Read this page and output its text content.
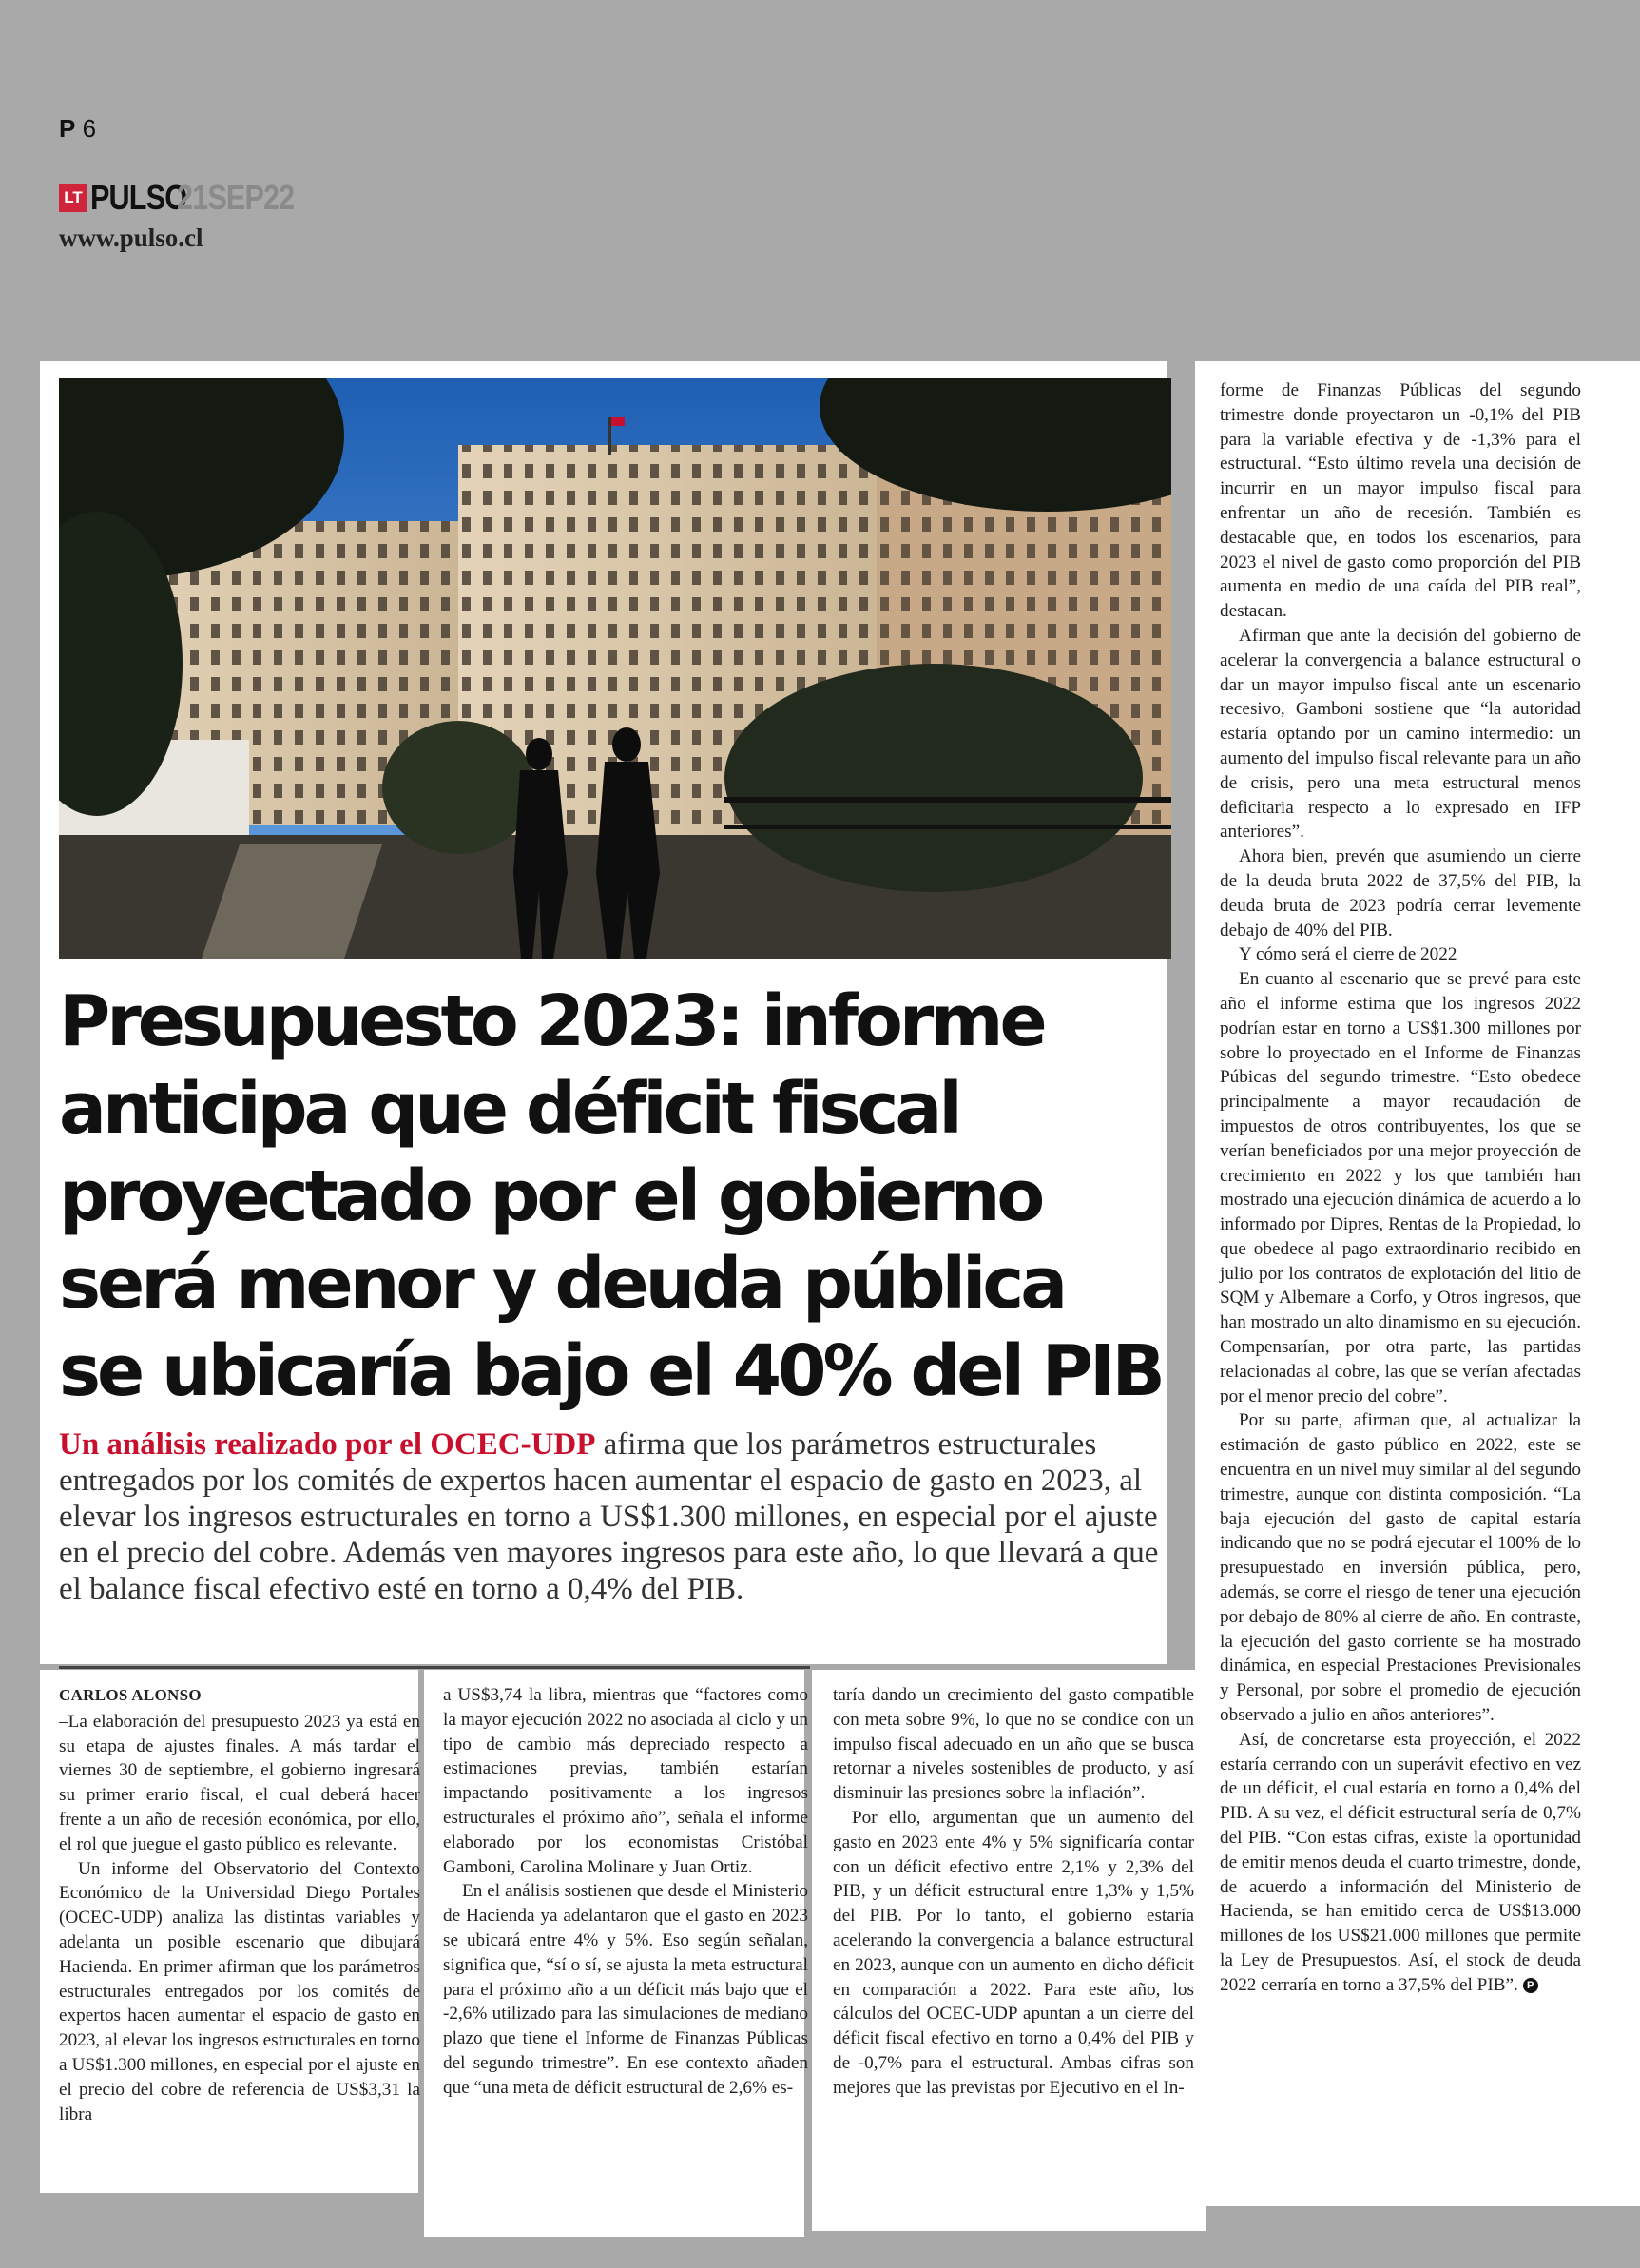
P 6
LT PULSO
21SEP22
www.pulso.cl
Presupuesto 2023: informe anticipa que déficit fiscal proyectado por el gobierno será menor y deuda pública se ubicaría bajo el 40% del PIB
Un análisis realizado por el OCEC-UDP afirma que los parámetros estructurales entregados por los comités de expertos hacen aumentar el espacio de gasto en 2023, al elevar los ingresos estructurales en torno a US$1.300 millones, en especial por el ajuste en el precio del cobre. Además ven mayores ingresos para este año, lo que llevará a que el balance fiscal efectivo esté en torno a 0,4% del PIB.

CARLOS ALONSO

–La elaboración del presupuesto 2023 ya está en su etapa de ajustes finales. A más tardar el viernes 30 de septiembre, el gobierno ingresará su primer erario fiscal, el cual deberá hacer frente a un año de recesión económica, por ello, el rol que juegue el gasto público es relevante.

Un informe del Observatorio del Contexto Económico de la Universidad Diego Portales (OCEC-UDP) analiza las distintas variables y adelanta un posible escenario que dibujará Hacienda. En primer afirman que los parámetros estructurales entregados por los comités de expertos hacen aumentar el espacio de gasto en 2023, al elevar los ingresos estructurales en torno a US$1.300 millones, en especial por el ajuste en el precio del cobre de referencia de US$3,31 la libra

a US$3,74 la libra, mientras que “factores como la mayor ejecución 2022 no asociada al ciclo y un tipo de cambio más depreciado respecto a estimaciones previas, también estarían impactando positivamente a los ingresos estructurales el próximo año”, señala el informe elaborado por los economistas Cristóbal Gamboni, Carolina Molinare y Juan Ortiz.

En el análisis sostienen que desde el Ministerio de Hacienda ya adelantaron que el gasto en 2023 se ubicará entre 4% y 5%. Eso según señalan, significa que, “sí o sí, se ajusta la meta estructural para el próximo año a un déficit más bajo que el -2,6% utilizado para las simulaciones de mediano plazo que tiene el Informe de Finanzas Públicas del segundo trimestre”. En ese contexto añaden que “una meta de déficit estructural de 2,6% es-

taría dando un crecimiento del gasto compatible con meta sobre 9%, lo que no se condice con un impulso fiscal adecuado en un año que se busca retornar a niveles sostenibles de producto, y así disminuir las presiones sobre la inflación”.

Por ello, argumentan que un aumento del gasto en 2023 ente 4% y 5% significaría contar con un déficit efectivo entre 2,1% y 2,3% del PIB, y un déficit estructural entre 1,3% y 1,5% del PIB. Por lo tanto, el gobierno estaría acelerando la convergencia a balance estructural en 2023, aunque con un aumento en dicho déficit en comparación a 2022. Para este año, los cálculos del OCEC-UDP apuntan a un cierre del déficit fiscal efectivo en torno a 0,4% del PIB y de -0,7% para el estructural. Ambas cifras son mejores que las previstas por Ejecutivo en el In-

forme de Finanzas Públicas del segundo trimestre donde proyectaron un -0,1% del PIB para la variable efectiva y de -1,3% para el estructural. “Esto último revela una decisión de incurrir en un mayor impulso fiscal para enfrentar un año de recesión. También es destacable que, en todos los escenarios, para 2023 el nivel de gasto como proporción del PIB aumenta en medio de una caída del PIB real”, destacan.

Afirman que ante la decisión del gobierno de acelerar la convergencia a balance estructural o dar un mayor impulso fiscal ante un escenario recesivo, Gamboni sostiene que “la autoridad estaría optando por un camino intermedio: un aumento del impulso fiscal relevante para un año de crisis, pero una meta estructural menos deficitaria respecto a lo expresado en IFP anteriores”.

Ahora bien, prevén que asumiendo un cierre de la deuda bruta 2022 de 37,5% del PIB, la deuda bruta de 2023 podría cerrar levemente debajo de 40% del PIB.

Y cómo será el cierre de 2022

En cuanto al escenario que se prevé para este año el informe estima que los ingresos 2022 podrían estar en torno a US$1.300 millones por sobre lo proyectado en el Informe de Finanzas Púbicas del segundo trimestre. “Esto obedece principalmente a mayor recaudación de impuestos de otros contribuyentes, los que se verían beneficiados por una mejor proyección de crecimiento en 2022 y los que también han mostrado una ejecución dinámica de acuerdo a lo informado por Dipres, Rentas de la Propiedad, lo que obedece al pago extraordinario recibido en julio por los contratos de explotación del litio de SQM y Albemare a Corfo, y Otros ingresos, que han mostrado un alto dinamismo en su ejecución. Compensarían, por otra parte, las partidas relacionadas al cobre, las que se verían afectadas por el menor precio del cobre”.

Por su parte, afirman que, al actualizar la estimación de gasto público en 2022, este se encuentra en un nivel muy similar al del segundo trimestre, aunque con distinta composición. “La baja ejecución del gasto de capital estaría indicando que no se podrá ejecutar el 100% de lo presupuestado en inversión pública, pero, además, se corre el riesgo de tener una ejecución por debajo de 80% al cierre de año. En contraste, la ejecución del gasto corriente se ha mostrado dinámica, en especial Prestaciones Previsionales y Personal, por sobre el promedio de ejecución observado a julio en años anteriores”.

Así, de concretarse esta proyección, el 2022 estaría cerrando con un superávit efectivo en vez de un déficit, el cual estaría en torno a 0,4% del PIB. A su vez, el déficit estructural sería de 0,7% del PIB. “Con estas cifras, existe la oportunidad de emitir menos deuda el cuarto trimestre, donde, de acuerdo a información del Ministerio de Hacienda, se han emitido cerca de US$13.000 millones de los US$21.000 millones que permite la Ley de Presupuestos. Así, el stock de deuda 2022 cerraría en torno a 37,5% del PIB”. P
